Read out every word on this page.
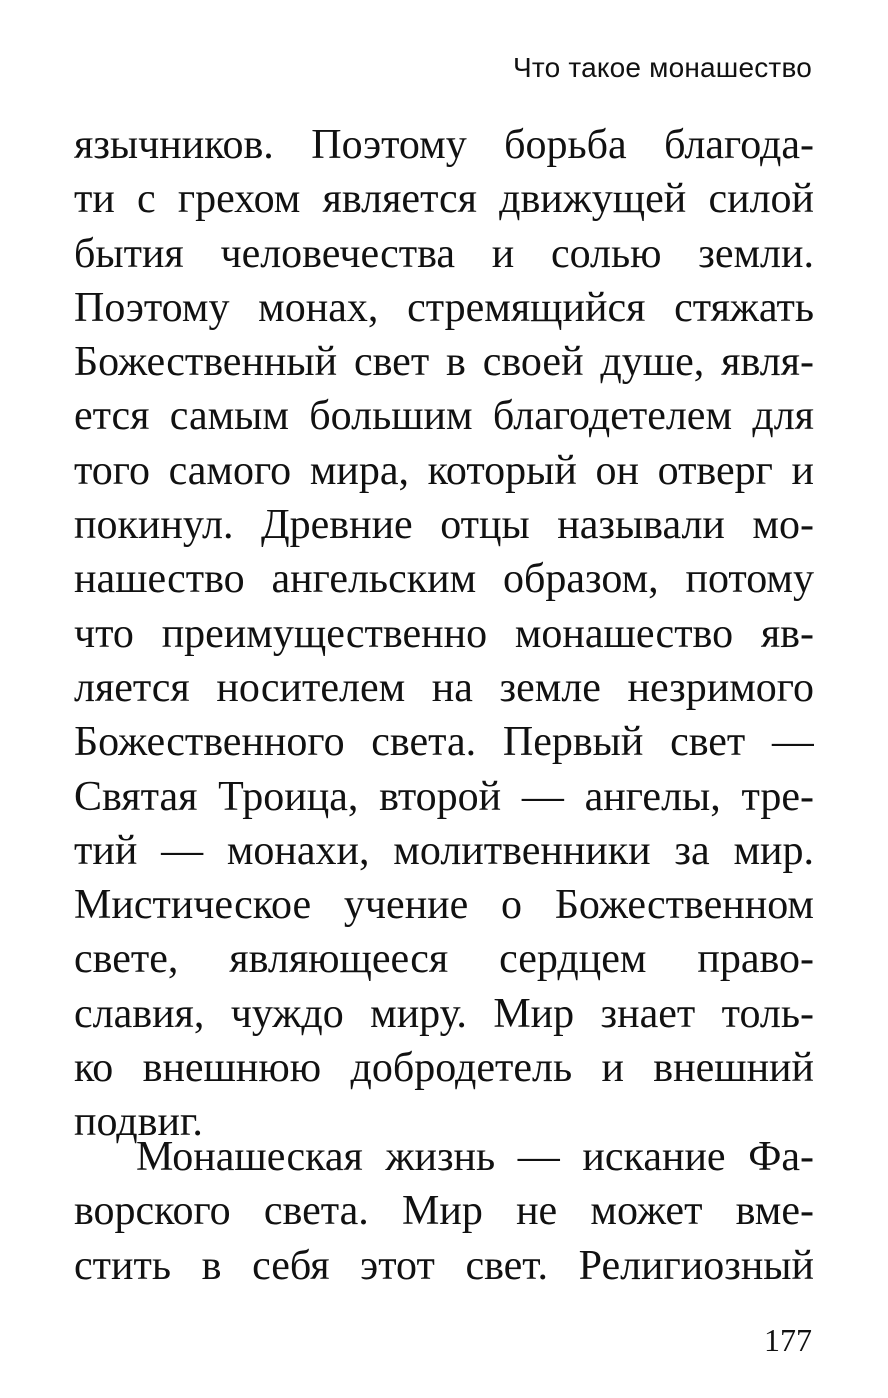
Что такое монашество
язычников. Поэтому борьба благода-
ти с грехом является движущей силой
бытия человечества и солью земли.
Поэтому монах, стремящийся стяжать
Божественный свет в своей душе, явля-
ется самым большим благодетелем для
того самого мира, который он отверг и
покинул. Древние отцы называли мо-
нашество ангельским образом, потому
что преимущественно монашество яв-
ляется носителем на земле незримого
Божественного света. Первый свет —
Святая Троица, второй — ангелы, тре-
тий — монахи, молитвенники за мир.
Мистическое учение о Божественном
свете, являющееся сердцем право-
славия, чуждо миру. Мир знает толь-
ко внешнюю добродетель и внешний
подвиг.
Монашеская жизнь — искание Фа-
ворского света. Мир не может вме-
стить в себя этот свет. Религиозный
177
